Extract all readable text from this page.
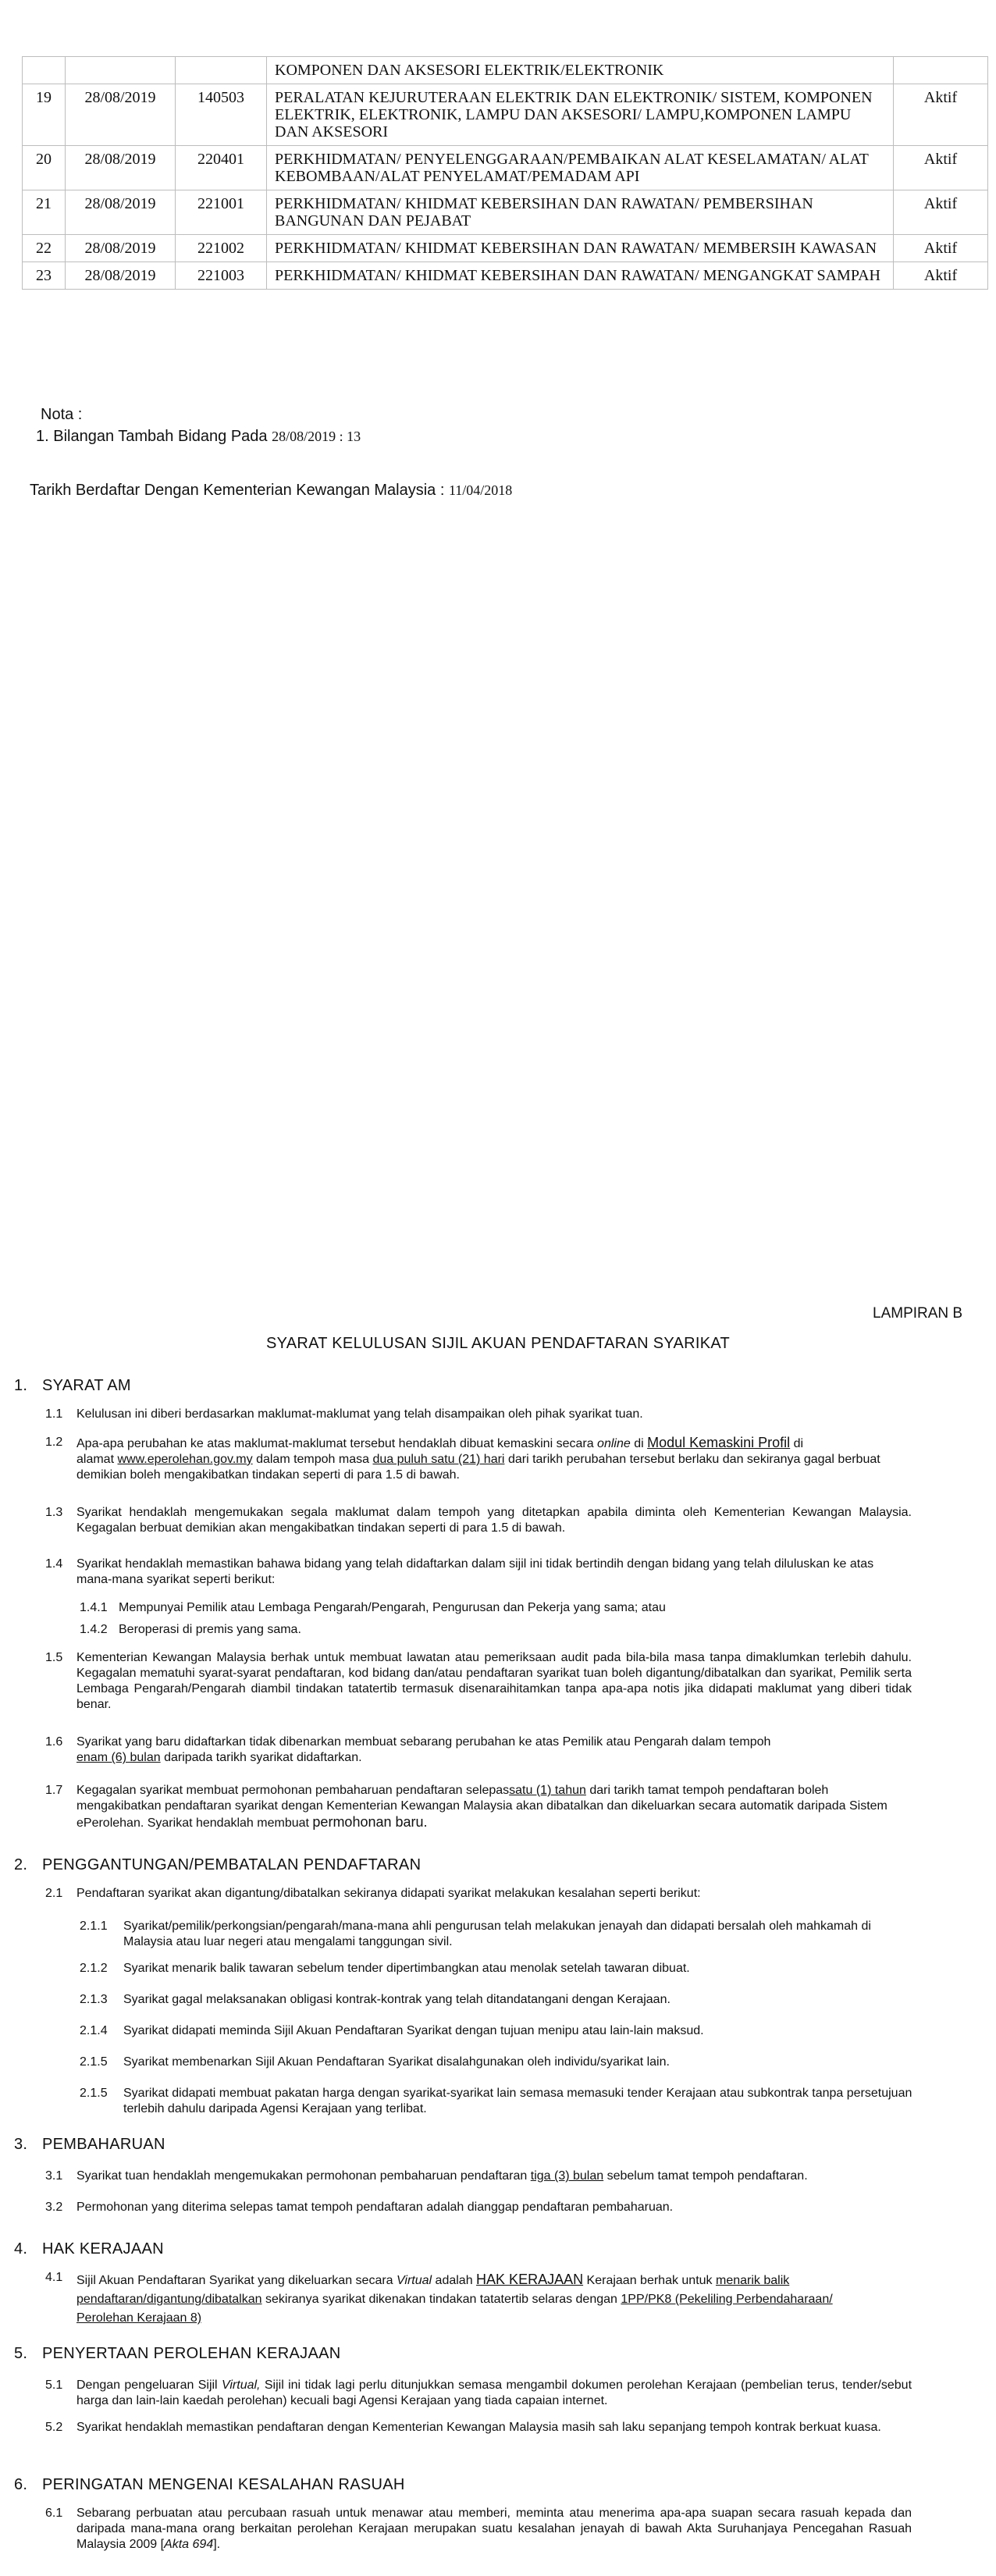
			KOMPONEN DAN AKSESORI ELEKTRIK/ELEKTRONIK	
19	28/08/2019	140503	PERALATAN KEJURUTERAAN ELEKTRIK DAN ELEKTRONIK/ SISTEM, KOMPONEN ELEKTRIK, ELEKTRONIK, LAMPU DAN AKSESORI/ LAMPU,KOMPONEN LAMPU DAN AKSESORI	Aktif
20	28/08/2019	220401	PERKHIDMATAN/ PENYELENGGARAAN/PEMBAIKAN ALAT KESELAMATAN/ ALAT KEBOMBAAN/ALAT PENYELAMAT/PEMADAM API	Aktif
21	28/08/2019	221001	PERKHIDMATAN/ KHIDMAT KEBERSIHAN DAN RAWATAN/ PEMBERSIHAN BANGUNAN DAN PEJABAT	Aktif
22	28/08/2019	221002	PERKHIDMATAN/ KHIDMAT KEBERSIHAN DAN RAWATAN/ MEMBERSIH KAWASAN	Aktif
23	28/08/2019	221003	PERKHIDMATAN/ KHIDMAT KEBERSIHAN DAN RAWATAN/ MENGANGKAT SAMPAH	Aktif
Nota :
1. Bilangan Tambah Bidang Pada 28/08/2019 : 13
Tarikh Berdaftar Dengan Kementerian Kewangan Malaysia : 11/04/2018
LAMPIRAN B
SYARAT KELULUSAN SIJIL AKUAN PENDAFTARAN SYARIKAT
1. SYARAT AM
1.1 Kelulusan ini diberi berdasarkan maklumat-maklumat yang telah disampaikan oleh pihak syarikat tuan.
1.2 Apa-apa perubahan ke atas maklumat-maklumat tersebut hendaklah dibuat kemaskini secara online di Modul Kemaskini Profil di
alamat www.eperolehan.gov.my dalam tempoh masa dua puluh satu (21) hari dari tarikh perubahan tersebut berlaku dan sekiranya gagal berbuat demikian boleh mengakibatkan tindakan seperti di para 1.5 di bawah.
1.3 Syarikat hendaklah mengemukakan segala maklumat dalam tempoh yang ditetapkan apabila diminta oleh Kementerian Kewangan Malaysia. Kegagalan berbuat demikian akan mengakibatkan tindakan seperti di para 1.5 di bawah.
1.4 Syarikat hendaklah memastikan bahawa bidang yang telah didaftarkan dalam sijil ini tidak bertindih dengan bidang yang telah diluluskan ke atas mana-mana syarikat seperti berikut:
1.4.1 Mempunyai Pemilik atau Lembaga Pengarah/Pengarah, Pengurusan dan Pekerja yang sama; atau
1.4.2 Beroperasi di premis yang sama.
1.5 Kementerian Kewangan Malaysia berhak untuk membuat lawatan atau pemeriksaan audit pada bila-bila masa tanpa dimaklumkan terlebih dahulu. Kegagalan mematuhi syarat-syarat pendaftaran, kod bidang dan/atau pendaftaran syarikat tuan boleh digantung/dibatalkan dan syarikat, Pemilik serta Lembaga Pengarah/Pengarah diambil tindakan tatatertib termasuk disenaraihitamkan tanpa apa-apa notis jika didapati maklumat yang diberi tidak benar.
1.6 Syarikat yang baru didaftarkan tidak dibenarkan membuat sebarang perubahan ke atas Pemilik atau Pengarah dalam tempoh
enam (6) bulan daripada tarikh syarikat didaftarkan.
1.7 Kegagalan syarikat membuat permohonan pembaharuan pendaftaran selepassatu (1) tahun dari tarikh tamat tempoh pendaftaran boleh mengakibatkan pendaftaran syarikat dengan Kementerian Kewangan Malaysia akan dibatalkan dan dikeluarkan secara automatik daripada Sistem ePerolehan. Syarikat hendaklah membuat permohonan baru.
2. PENGGANTUNGAN/PEMBATALAN PENDAFTARAN
2.1 Pendaftaran syarikat akan digantung/dibatalkan sekiranya didapati syarikat melakukan kesalahan seperti berikut:
2.1.1 Syarikat/pemilik/perkongsian/pengarah/mana-mana ahli pengurusan telah melakukan jenayah dan didapati bersalah oleh mahkamah di Malaysia atau luar negeri atau mengalami tanggungan sivil.
2.1.2 Syarikat menarik balik tawaran sebelum tender dipertimbangkan atau menolak setelah tawaran dibuat.
2.1.3 Syarikat gagal melaksanakan obligasi kontrak-kontrak yang telah ditandatangani dengan Kerajaan.
2.1.4 Syarikat didapati meminda Sijil Akuan Pendaftaran Syarikat dengan tujuan menipu atau lain-lain maksud.
2.1.5 Syarikat membenarkan Sijil Akuan Pendaftaran Syarikat disalahgunakan oleh individu/syarikat lain.
2.1.5 Syarikat didapati membuat pakatan harga dengan syarikat-syarikat lain semasa memasuki tender Kerajaan atau subkontrak tanpa persetujuan terlebih dahulu daripada Agensi Kerajaan yang terlibat.
3. PEMBAHARUAN
3.1 Syarikat tuan hendaklah mengemukakan permohonan pembaharuan pendaftaran tiga (3) bulan sebelum tamat tempoh pendaftaran.
3.2 Permohonan yang diterima selepas tamat tempoh pendaftaran adalah dianggap pendaftaran pembaharuan.
4. HAK KERAJAAN
4.1 Sijil Akuan Pendaftaran Syarikat yang dikeluarkan secara Virtual adalah HAK KERAJAAN Kerajaan berhak untuk menarik balik
pendaftaran/digantung/dibatalkan sekiranya syarikat dikenakan tindakan tatatertib selaras dengan 1PP/PK8 (Pekeliling Perbendaharaan/
Perolehan Kerajaan 8)
5. PENYERTAAN PEROLEHAN KERAJAAN
5.1 Dengan pengeluaran Sijil Virtual, Sijil ini tidak lagi perlu ditunjukkan semasa mengambil dokumen perolehan Kerajaan (pembelian terus, tender/sebut harga dan lain-lain kaedah perolehan) kecuali bagi Agensi Kerajaan yang tiada capaian internet.
5.2 Syarikat hendaklah memastikan pendaftaran dengan Kementerian Kewangan Malaysia masih sah laku sepanjang tempoh kontrak berkuat kuasa.
6. PERINGATAN MENGENAI KESALAHAN RASUAH
6.1 Sebarang perbuatan atau percubaan rasuah untuk menawar atau memberi, meminta atau menerima apa-apa suapan secara rasuah kepada dan daripada mana-mana orang berkaitan perolehan Kerajaan merupakan suatu kesalahan jenayah di bawah Akta Suruhanjaya Pencegahan Rasuah Malaysia 2009 [Akta 694].
